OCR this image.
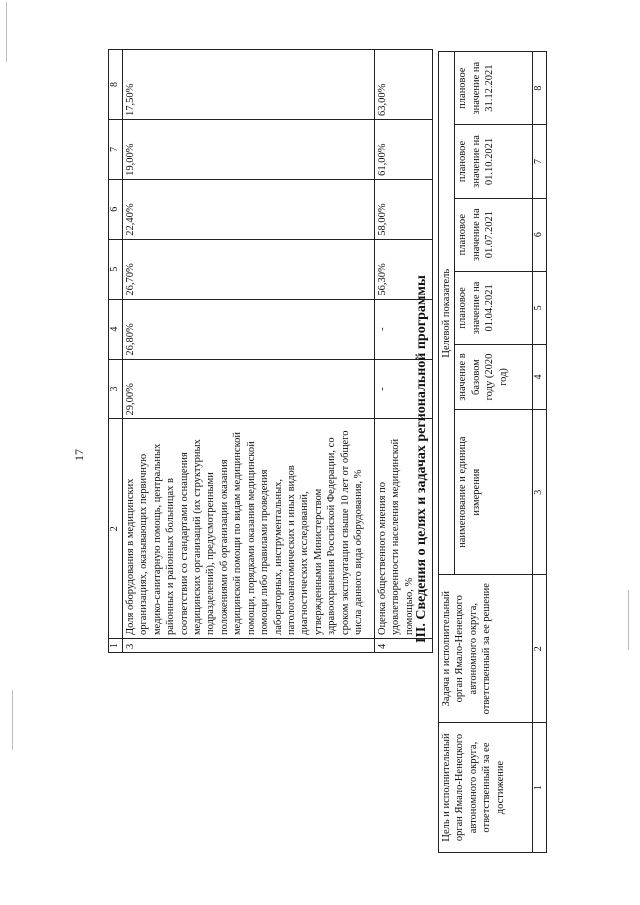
17
1	2	3	4	5	6	7	8
3	Доля оборудования в медицинских организациях, оказывающих первичную медико-санитарную помощь, центральных районных и районных больницах в соответствии со стандартами оснащения медицинских организаций (их структурных подразделений), предусмотренными положениями об организации оказания медицинской помощи по видам медицинской помощи, порядками оказания медицинской помощи либо правилами проведения лабораторных, инструментальных, патологоанатомических и иных видов диагностических исследований, утвержденными Министерством здравоохранения Российской Федерации, со сроком эксплуатации свыше 10 лет от общего числа данного вида оборудования, %	29,00%	26,80%	26,70%	22,40%	19,00%	17,50%
4	Оценка общественного мнения по удовлетворенности населения медицинской помощью, %	-	-	56,30%	58,00%	61,00%	63,00%
III. Сведения о целях и задачах региональной программы
Цель и исполнительный орган Ямало-Ненецкого автономного округа, ответственный за ее достижение	Задача и исполнительный орган Ямало-Ненецкого автономного округа, ответственный за ее решение	Целевой показатель					
		наименование и единица измерения	значение в базовом году (2020 год)	плановое значение на 01.04.2021	плановое значение на 01.07.2021	плановое значение на 01.10.2021	плановое значение на 31.12.2021
1	2	3	4	5	6	7	8
